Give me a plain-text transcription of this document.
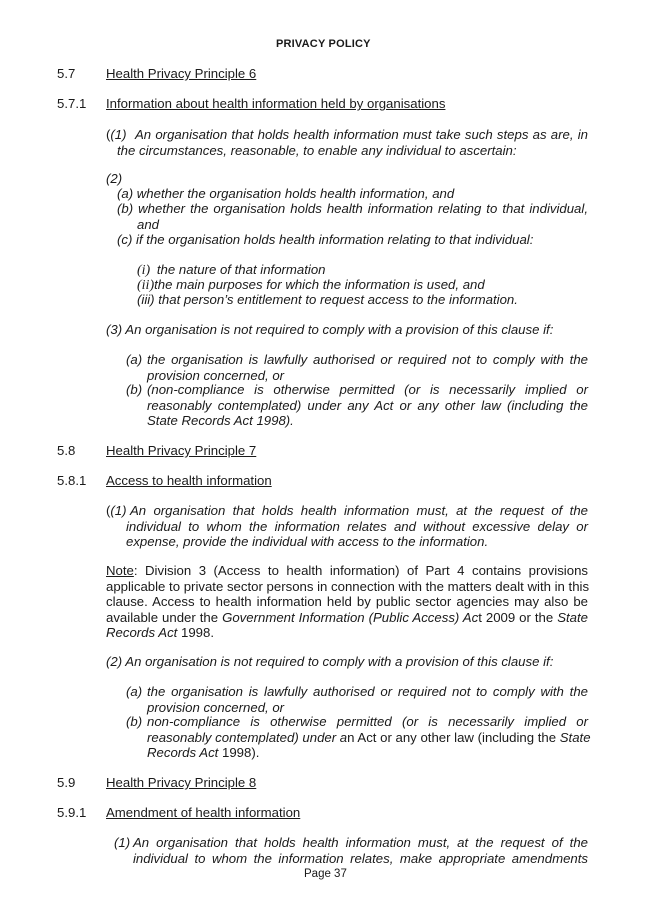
PRIVACY POLICY
5.7 Health Privacy Principle 6
5.7.1 Information about health information held by organisations
((1) An organisation that holds health information must take such steps as are, in
the circumstances, reasonable, to enable any individual to ascertain:
(2)
(a) whether the organisation holds health information, and
(b) whether the organisation holds health information relating to that individual,
and
(c) if the organisation holds health information relating to that individual:
(i) the nature of that information
(ii)the main purposes for which the information is used, and
(iii) that person’s entitlement to request access to the information.
(3) An organisation is not required to comply with a provision of this clause if:
(a) the organisation is lawfully authorised or required not to comply with the
provision concerned, or
(b) (non-compliance is otherwise permitted (or is necessarily implied or
reasonably contemplated) under any Act or any other law (including the
State Records Act 1998).
5.8 Health Privacy Principle 7
5.8.1 Access to health information
((1) An organisation that holds health information must, at the request of the
individual to whom the information relates and without excessive delay or
expense, provide the individual with access to the information.
Note: Division 3 (Access to health information) of Part 4 contains provisions
applicable to private sector persons in connection with the matters dealt with in this
clause. Access to health information held by public sector agencies may also be
available under the Government Information (Public Access) Act 2009 or the State
Records Act 1998.
(2) An organisation is not required to comply with a provision of this clause if:
(a) the organisation is lawfully authorised or required not to comply with the
provision concerned, or
(b) non-compliance is otherwise permitted (or is necessarily implied or
reasonably contemplated) under an Act or any other law (including the State
Records Act 1998).
5.9 Health Privacy Principle 8
5.9.1 Amendment of health information
(1) An organisation that holds health information must, at the request of the
individual to whom the information relates, make appropriate amendments
Page 37
